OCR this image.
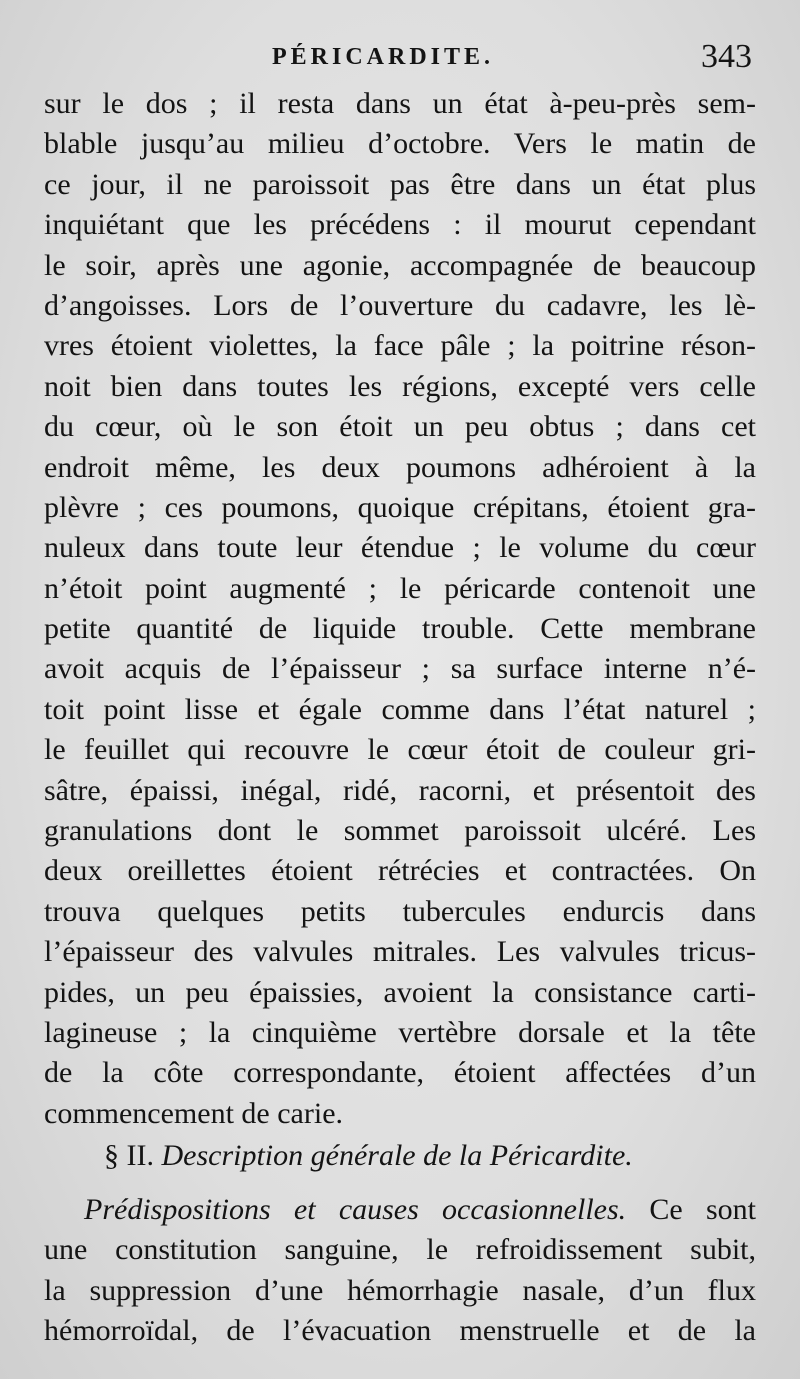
PÉRICARDITE.	343
sur le dos ; il resta dans un état à-peu-près sem-
blable jusqu’au milieu d’octobre. Vers le matin de
ce jour, il ne paroissoit pas être dans un état plus
inquiétant que les précédens : il mourut cependant
le soir, après une agonie, accompagnée de beaucoup
d’angoisses. Lors de l’ouverture du cadavre, les lè-
vres étoient violettes, la face pâle ; la poitrine réson-
noit bien dans toutes les régions, excepté vers celle
du cœur, où le son étoit un peu obtus ; dans cet
endroit même, les deux poumons adhéroient à la
plèvre ; ces poumons, quoique crépitans, étoient gra-
nuleux dans toute leur étendue ; le volume du cœur
n’étoit point augmenté ; le péricarde contenoit une
petite quantité de liquide trouble. Cette membrane
avoit acquis de l’épaisseur ; sa surface interne n’é-
toit point lisse et égale comme dans l’état naturel ;
le feuillet qui recouvre le cœur étoit de couleur gri-
sâtre, épaissi, inégal, ridé, racorni, et présentoit des
granulations dont le sommet paroissoit ulcéré. Les
deux oreillettes étoient rétrécies et contractées. On
trouva quelques petits tubercules endurcis dans
l’épaisseur des valvules mitrales. Les valvules tricus-
pides, un peu épaissies, avoient la consistance carti-
lagineuse ; la cinquième vertèbre dorsale et la tête
de la côte correspondante, étoient affectées d’un
commencement de carie.
§ II. Description générale de la Péricardite.
Prédispositions et causes occasionnelles. Ce sont
une constitution sanguine, le refroidissement subit,
la suppression d’une hémorrhagie nasale, d’un flux
hémorroïdal, de l’évacuation menstruelle et de la
